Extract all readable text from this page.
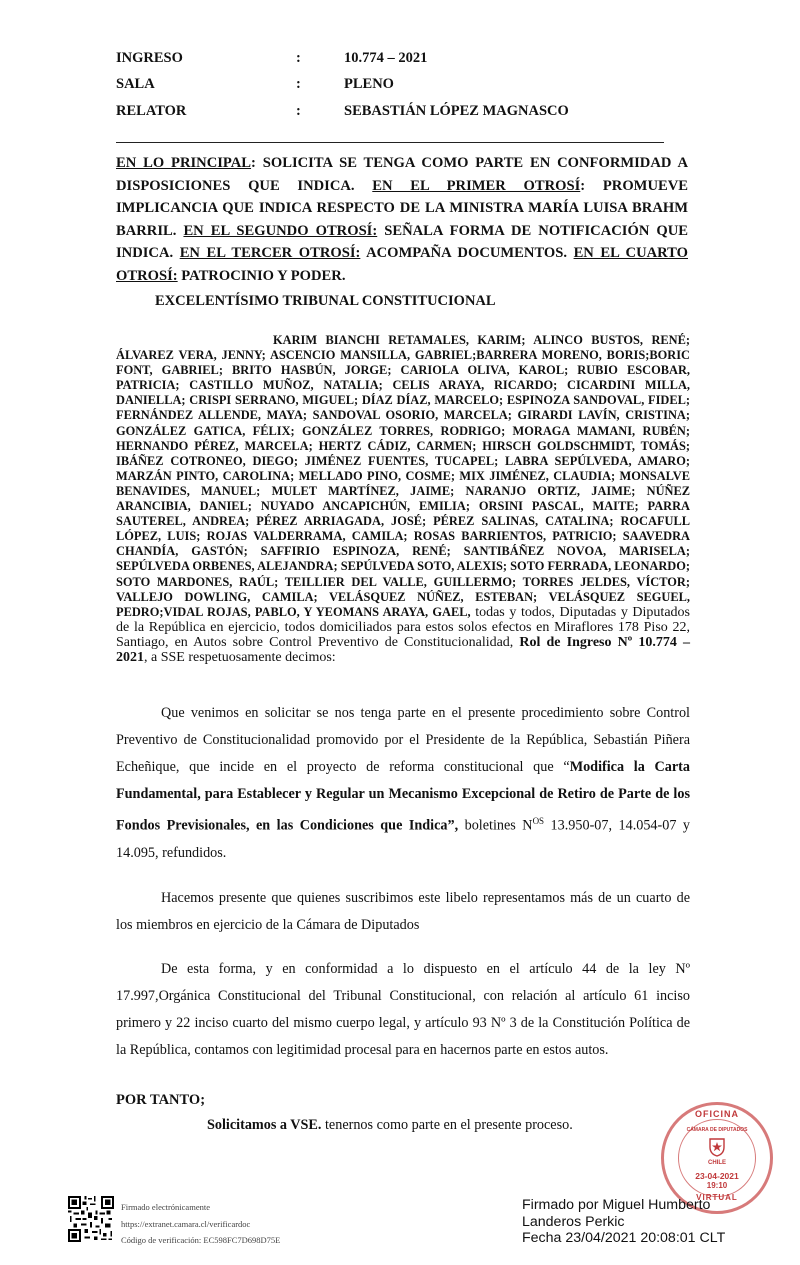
INGRESO	:	10.774 – 2021
SALA	:	PLENO
RELATOR	:	SEBASTIÁN LÓPEZ MAGNASCO
EN LO PRINCIPAL: SOLICITA SE TENGA COMO PARTE EN CONFORMIDAD A DISPOSICIONES QUE INDICA. EN EL PRIMER OTROSÍ: PROMUEVE IMPLICANCIA QUE INDICA RESPECTO DE LA MINISTRA MARÍA LUISA BRAHM BARRIL. EN EL SEGUNDO OTROSÍ: SEÑALA FORMA DE NOTIFICACIÓN QUE INDICA. EN EL TERCER OTROSÍ: ACOMPAÑA DOCUMENTOS. EN EL CUARTO OTROSÍ: PATROCINIO Y PODER.
EXCELENTÍSIMO TRIBUNAL CONSTITUCIONAL
KARIM BIANCHI RETAMALES, KARIM; ALINCO BUSTOS, RENÉ; ÁLVAREZ VERA, JENNY; ASCENCIO MANSILLA, GABRIEL;BARRERA MORENO, BORIS;BORIC FONT, GABRIEL; BRITO HASBÚN, JORGE; CARIOLA OLIVA, KAROL; RUBIO ESCOBAR, PATRICIA; CASTILLO MUÑOZ, NATALIA; CELIS ARAYA, RICARDO; CICARDINI MILLA, DANIELLA; CRISPI SERRANO, MIGUEL; DÍAZ DÍAZ, MARCELO; ESPINOZA SANDOVAL, FIDEL; FERNÁNDEZ ALLENDE, MAYA; SANDOVAL OSORIO, MARCELA; GIRARDI LAVÍN, CRISTINA; GONZÁLEZ GATICA, FÉLIX; GONZÁLEZ TORRES, RODRIGO; MORAGA MAMANI, RUBÉN; HERNANDO PÉREZ, MARCELA; HERTZ CÁDIZ, CARMEN; HIRSCH GOLDSCHMIDT, TOMÁS; IBÁÑEZ COTRONEO, DIEGO; JIMÉNEZ FUENTES, TUCAPEL; LABRA SEPÚLVEDA, AMARO; MARZÁN PINTO, CAROLINA; MELLADO PINO, COSME; MIX JIMÉNEZ, CLAUDIA; MONSALVE BENAVIDES, MANUEL; MULET MARTÍNEZ, JAIME; NARANJO ORTIZ, JAIME; NÚÑEZ ARANCIBIA, DANIEL; NUYADO ANCAPICHÚN, EMILIA; ORSINI PASCAL, MAITE; PARRA SAUTEREL, ANDREA; PÉREZ ARRIAGADA, JOSÉ; PÉREZ SALINAS, CATALINA; ROCAFULL LÓPEZ, LUIS; ROJAS VALDERRAMA, CAMILA; ROSAS BARRIENTOS, PATRICIO; SAAVEDRA CHANDÍA, GASTÓN; SAFFIRIO ESPINOZA, RENÉ; SANTIBÁÑEZ NOVOA, MARISELA; SEPÚLVEDA ORBENES, ALEJANDRA; SEPÚLVEDA SOTO, ALEXIS; SOTO FERRADA, LEONARDO; SOTO MARDONES, RAÚL; TEILLIER DEL VALLE, GUILLERMO; TORRES JELDES, VÍCTOR; VALLEJO DOWLING, CAMILA; VELÁSQUEZ NÚÑEZ, ESTEBAN; VELÁSQUEZ SEGUEL, PEDRO;VIDAL ROJAS, PABLO, Y YEOMANS ARAYA, GAEL, todas y todos, Diputadas y Diputados de la República en ejercicio, todos domiciliados para estos solos efectos en Miraflores 178 Piso 22, Santiago, en Autos sobre Control Preventivo de Constitucionalidad, Rol de Ingreso Nº 10.774 – 2021, a SSE respetuosamente decimos:
Que venimos en solicitar se nos tenga parte en el presente procedimiento sobre Control Preventivo de Constitucionalidad promovido por el Presidente de la República, Sebastián Piñera Echeñique, que incide en el proyecto de reforma constitucional que “Modifica la Carta Fundamental, para Establecer y Regular un Mecanismo Excepcional de Retiro de Parte de los Fondos Previsionales, en las Condiciones que Indica”, boletines $N^{OS}$ 13.950-07, 14.054-07 y 14.095, refundidos.
Hacemos presente que quienes suscribimos este libelo representamos más de un cuarto de los miembros en ejercicio de la Cámara de Diputados
De esta forma, y en conformidad a lo dispuesto en el artículo 44 de la ley Nº 17.997,Orgánica Constitucional del Tribunal Constitucional, con relación al artículo 61 inciso primero y 22 inciso cuarto del mismo cuerpo legal, y artículo 93 Nº 3 de la Constitución Política de la República, contamos con legitimidad procesal para en hacernos parte en estos autos.
POR TANTO;
Solicitamos a VSE. tenernos como parte en el presente proceso.
Firmado electrónicamente
https://extranet.camara.cl/verificardoc
Código de verificación: EC598FC7D698D75E
OFICINA
CÁMARA DE DIPUTADOS
CHILE
23-04-2021
19:10
VIRTUAL
Firmado por Miguel Humberto
Landeros Perkic
Fecha 23/04/2021 20:08:01 CLT
